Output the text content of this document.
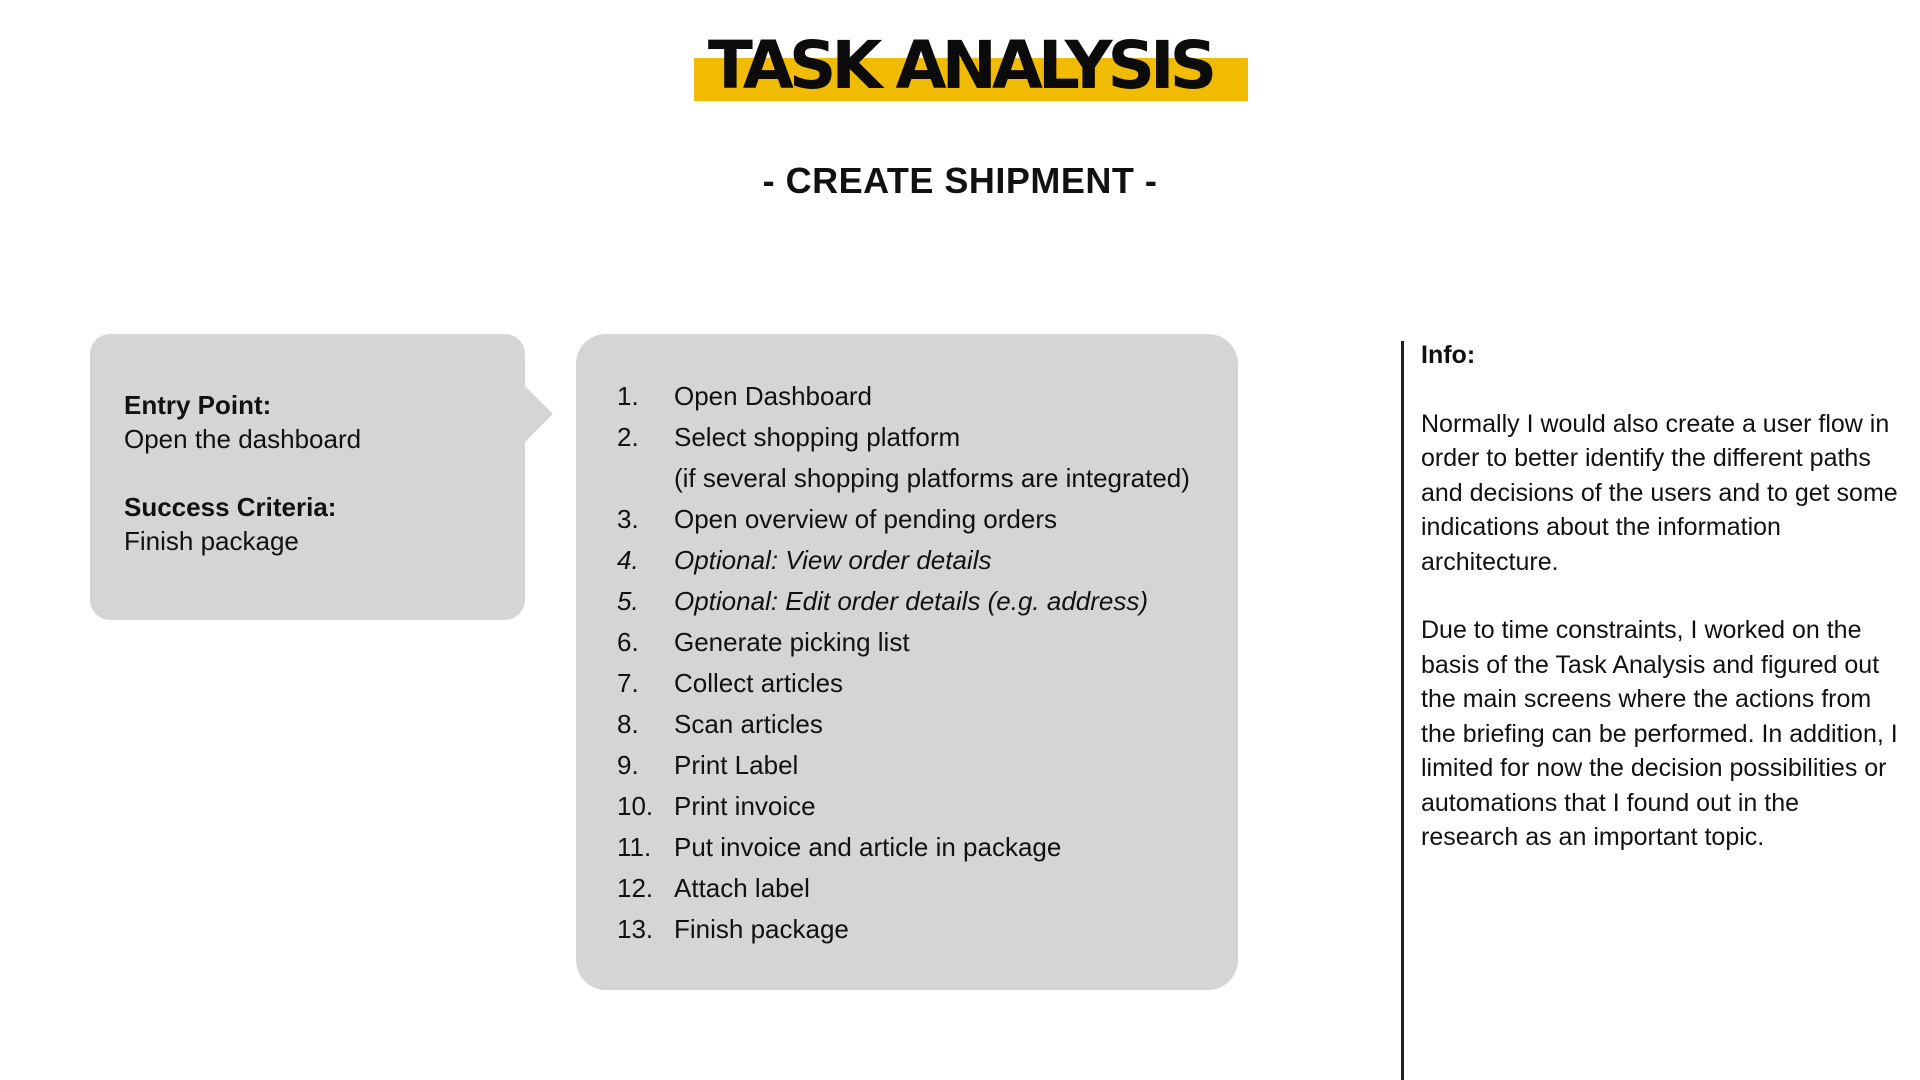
TASK ANALYSIS
- CREATE SHIPMENT -
Entry Point:
Open the dashboard
Success Criteria:
Finish package
1.	Open Dashboard
2.	Select shopping platform
(if several shopping platforms are integrated)
3.	Open overview of pending orders
4.	Optional: View order details
5.	Optional: Edit order details (e.g. address)
6.	Generate picking list
7.	Collect articles
8.	Scan articles
9.	Print Label
10. Print invoice
11. Put invoice and article in package
12. Attach label
13. Finish package
Info:

Normally I would also create a user flow in order to better identify the different paths and decisions of the users and to get some indications about the information architecture.

Due to time constraints, I worked on the basis of the Task Analysis and figured out the main screens where the actions from the briefing can be performed. In addition, I limited for now the decision possibilities or automations that I found out in the research as an important topic.
